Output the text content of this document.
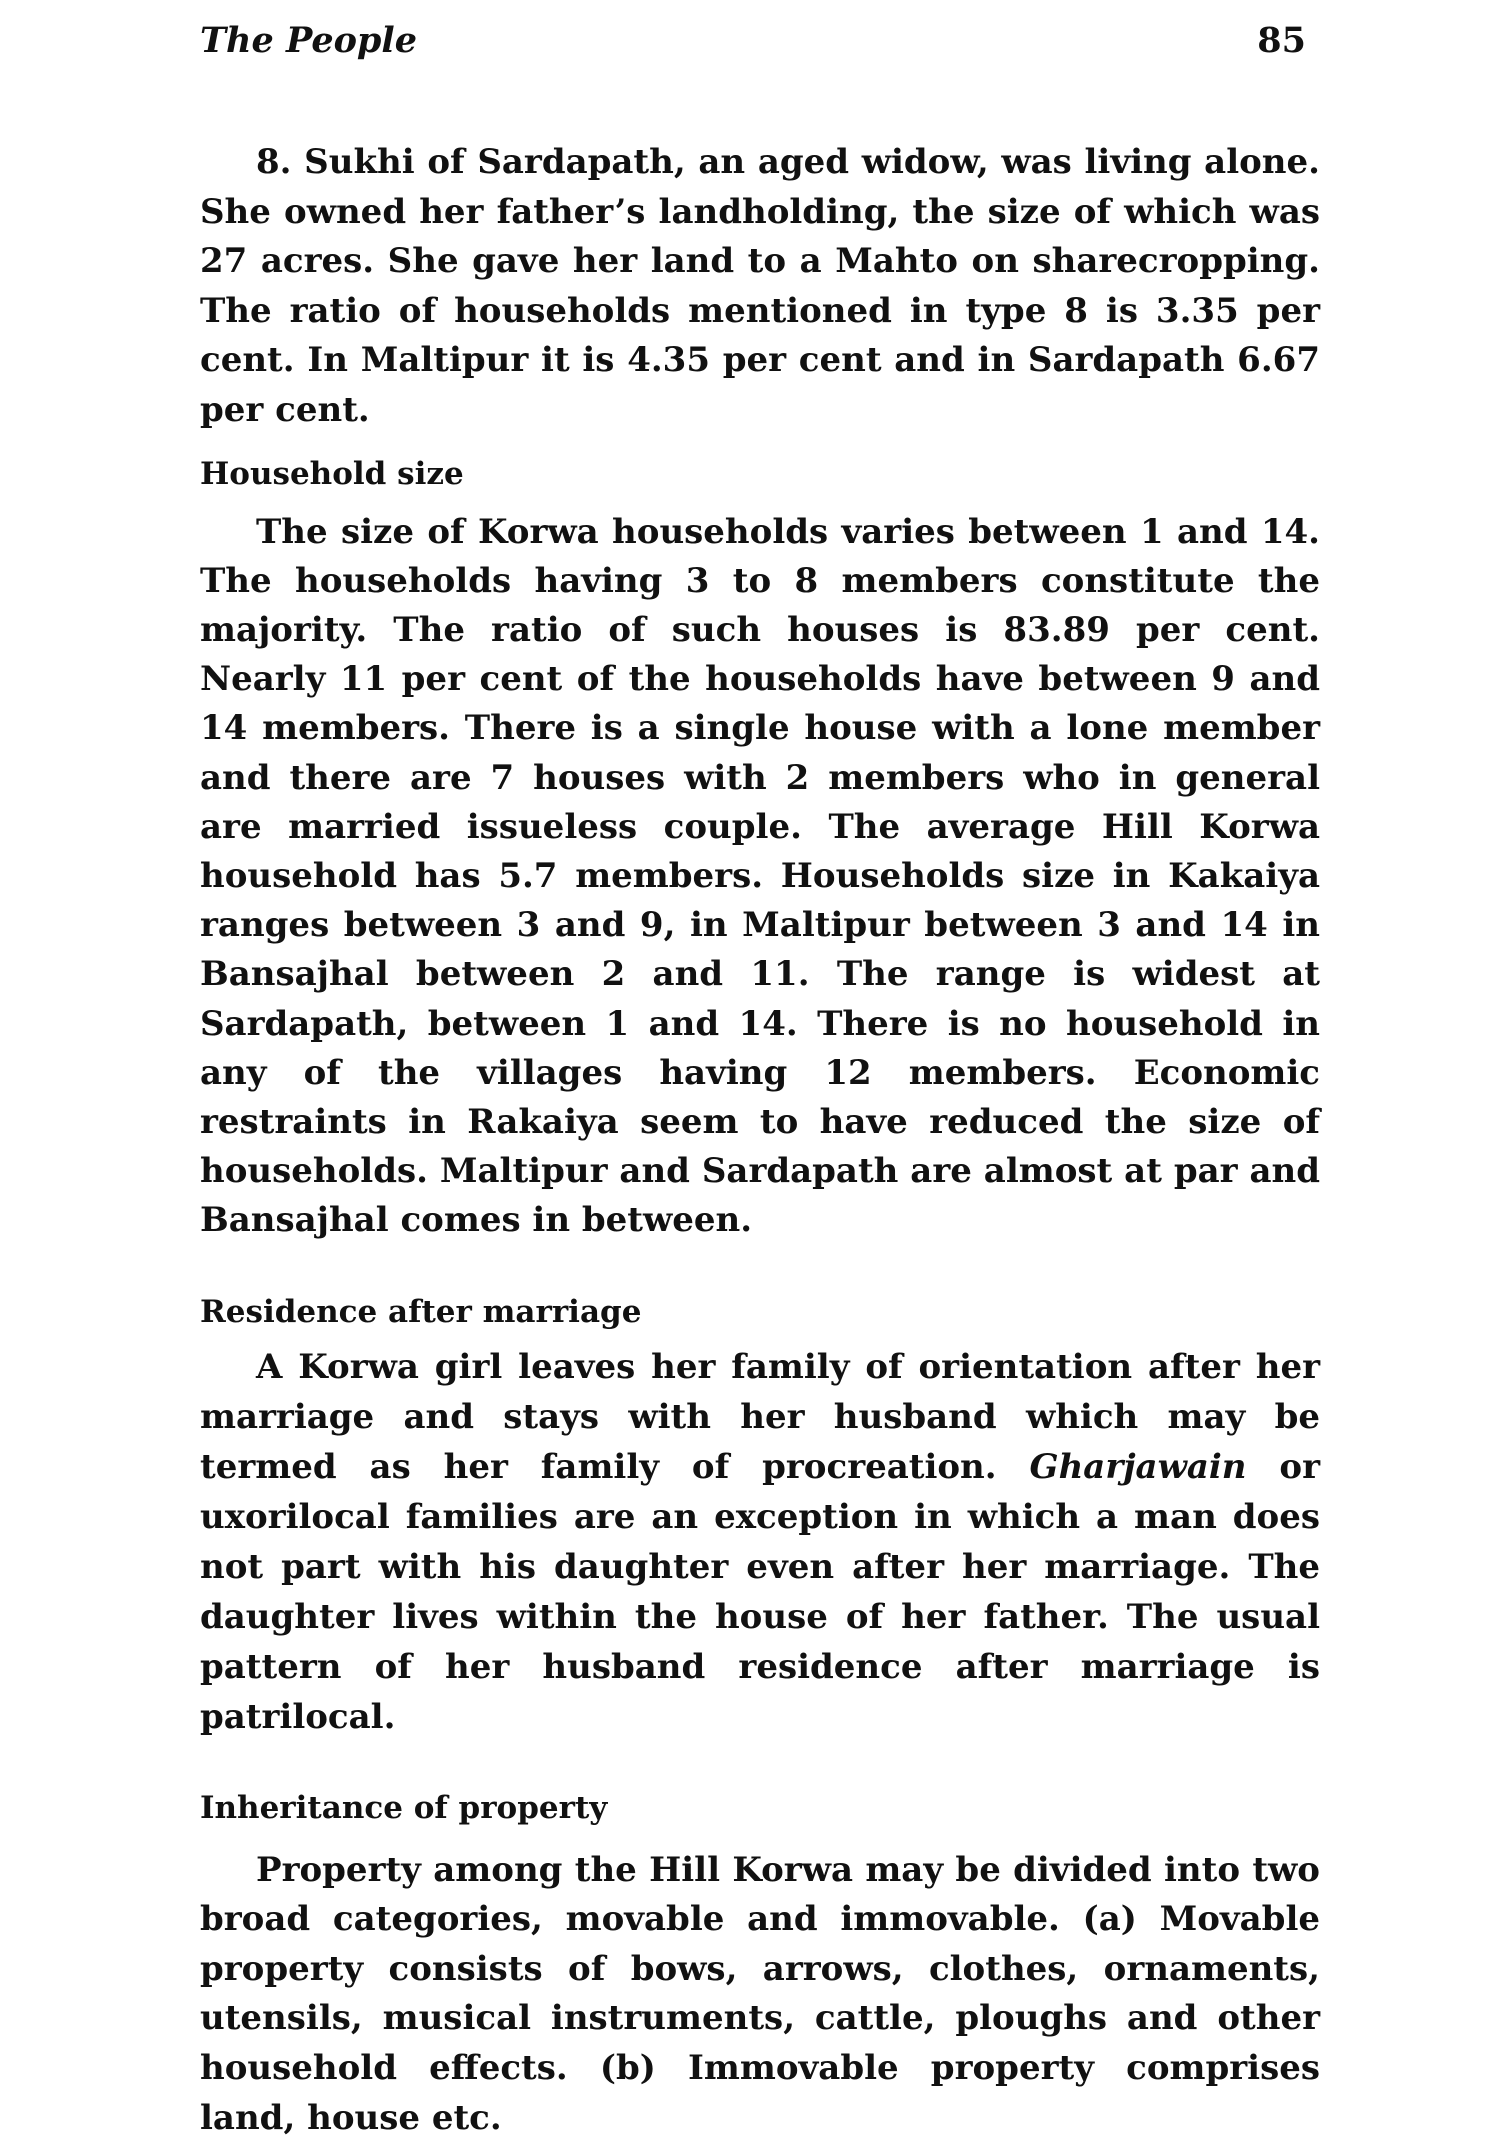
The People	85

8. Sukhi of Sardapath, an aged widow, was living alone. She owned her father’s landholding, the size of which was 27 acres. She gave her land to a Mahto on sharecropping. The ratio of households mentioned in type 8 is 3.35 per cent. In Maltipur it is 4.35 per cent and in Sardapath 6.67 per cent.

Household size

The size of Korwa households varies between 1 and 14. The households having 3 to 8 members constitute the majority. The ratio of such houses is 83.89 per cent. Nearly 11 per cent of the households have between 9 and 14 members. There is a single house with a lone member and there are 7 houses with 2 members who in general are married issueless couple. The average Hill Korwa household has 5.7 members. Households size in Kakaiya ranges between 3 and 9, in Maltipur between 3 and 14 in Bansajhal between 2 and 11. The range is widest at Sardapath, between 1 and 14. There is no household in any of the villages having 12 members. Economic restraints in Rakaiya seem to have reduced the size of households. Maltipur and Sardapath are almost at par and Bansajhal comes in between.

Residence after marriage

A Korwa girl leaves her family of orientation after her marriage and stays with her husband which may be termed as her family of procreation. Gharjawain or uxorilocal families are an exception in which a man does not part with his daughter even after her marriage. The daughter lives within the house of her father. The usual pattern of her husband residence after marriage is patrilocal.

Inheritance of property

Property among the Hill Korwa may be divided into two broad categories, movable and immovable. (a) Movable property consists of bows, arrows, clothes, ornaments, utensils, musical instruments, cattle, ploughs and other household effects. (b) Immovable property comprises land, house etc.
